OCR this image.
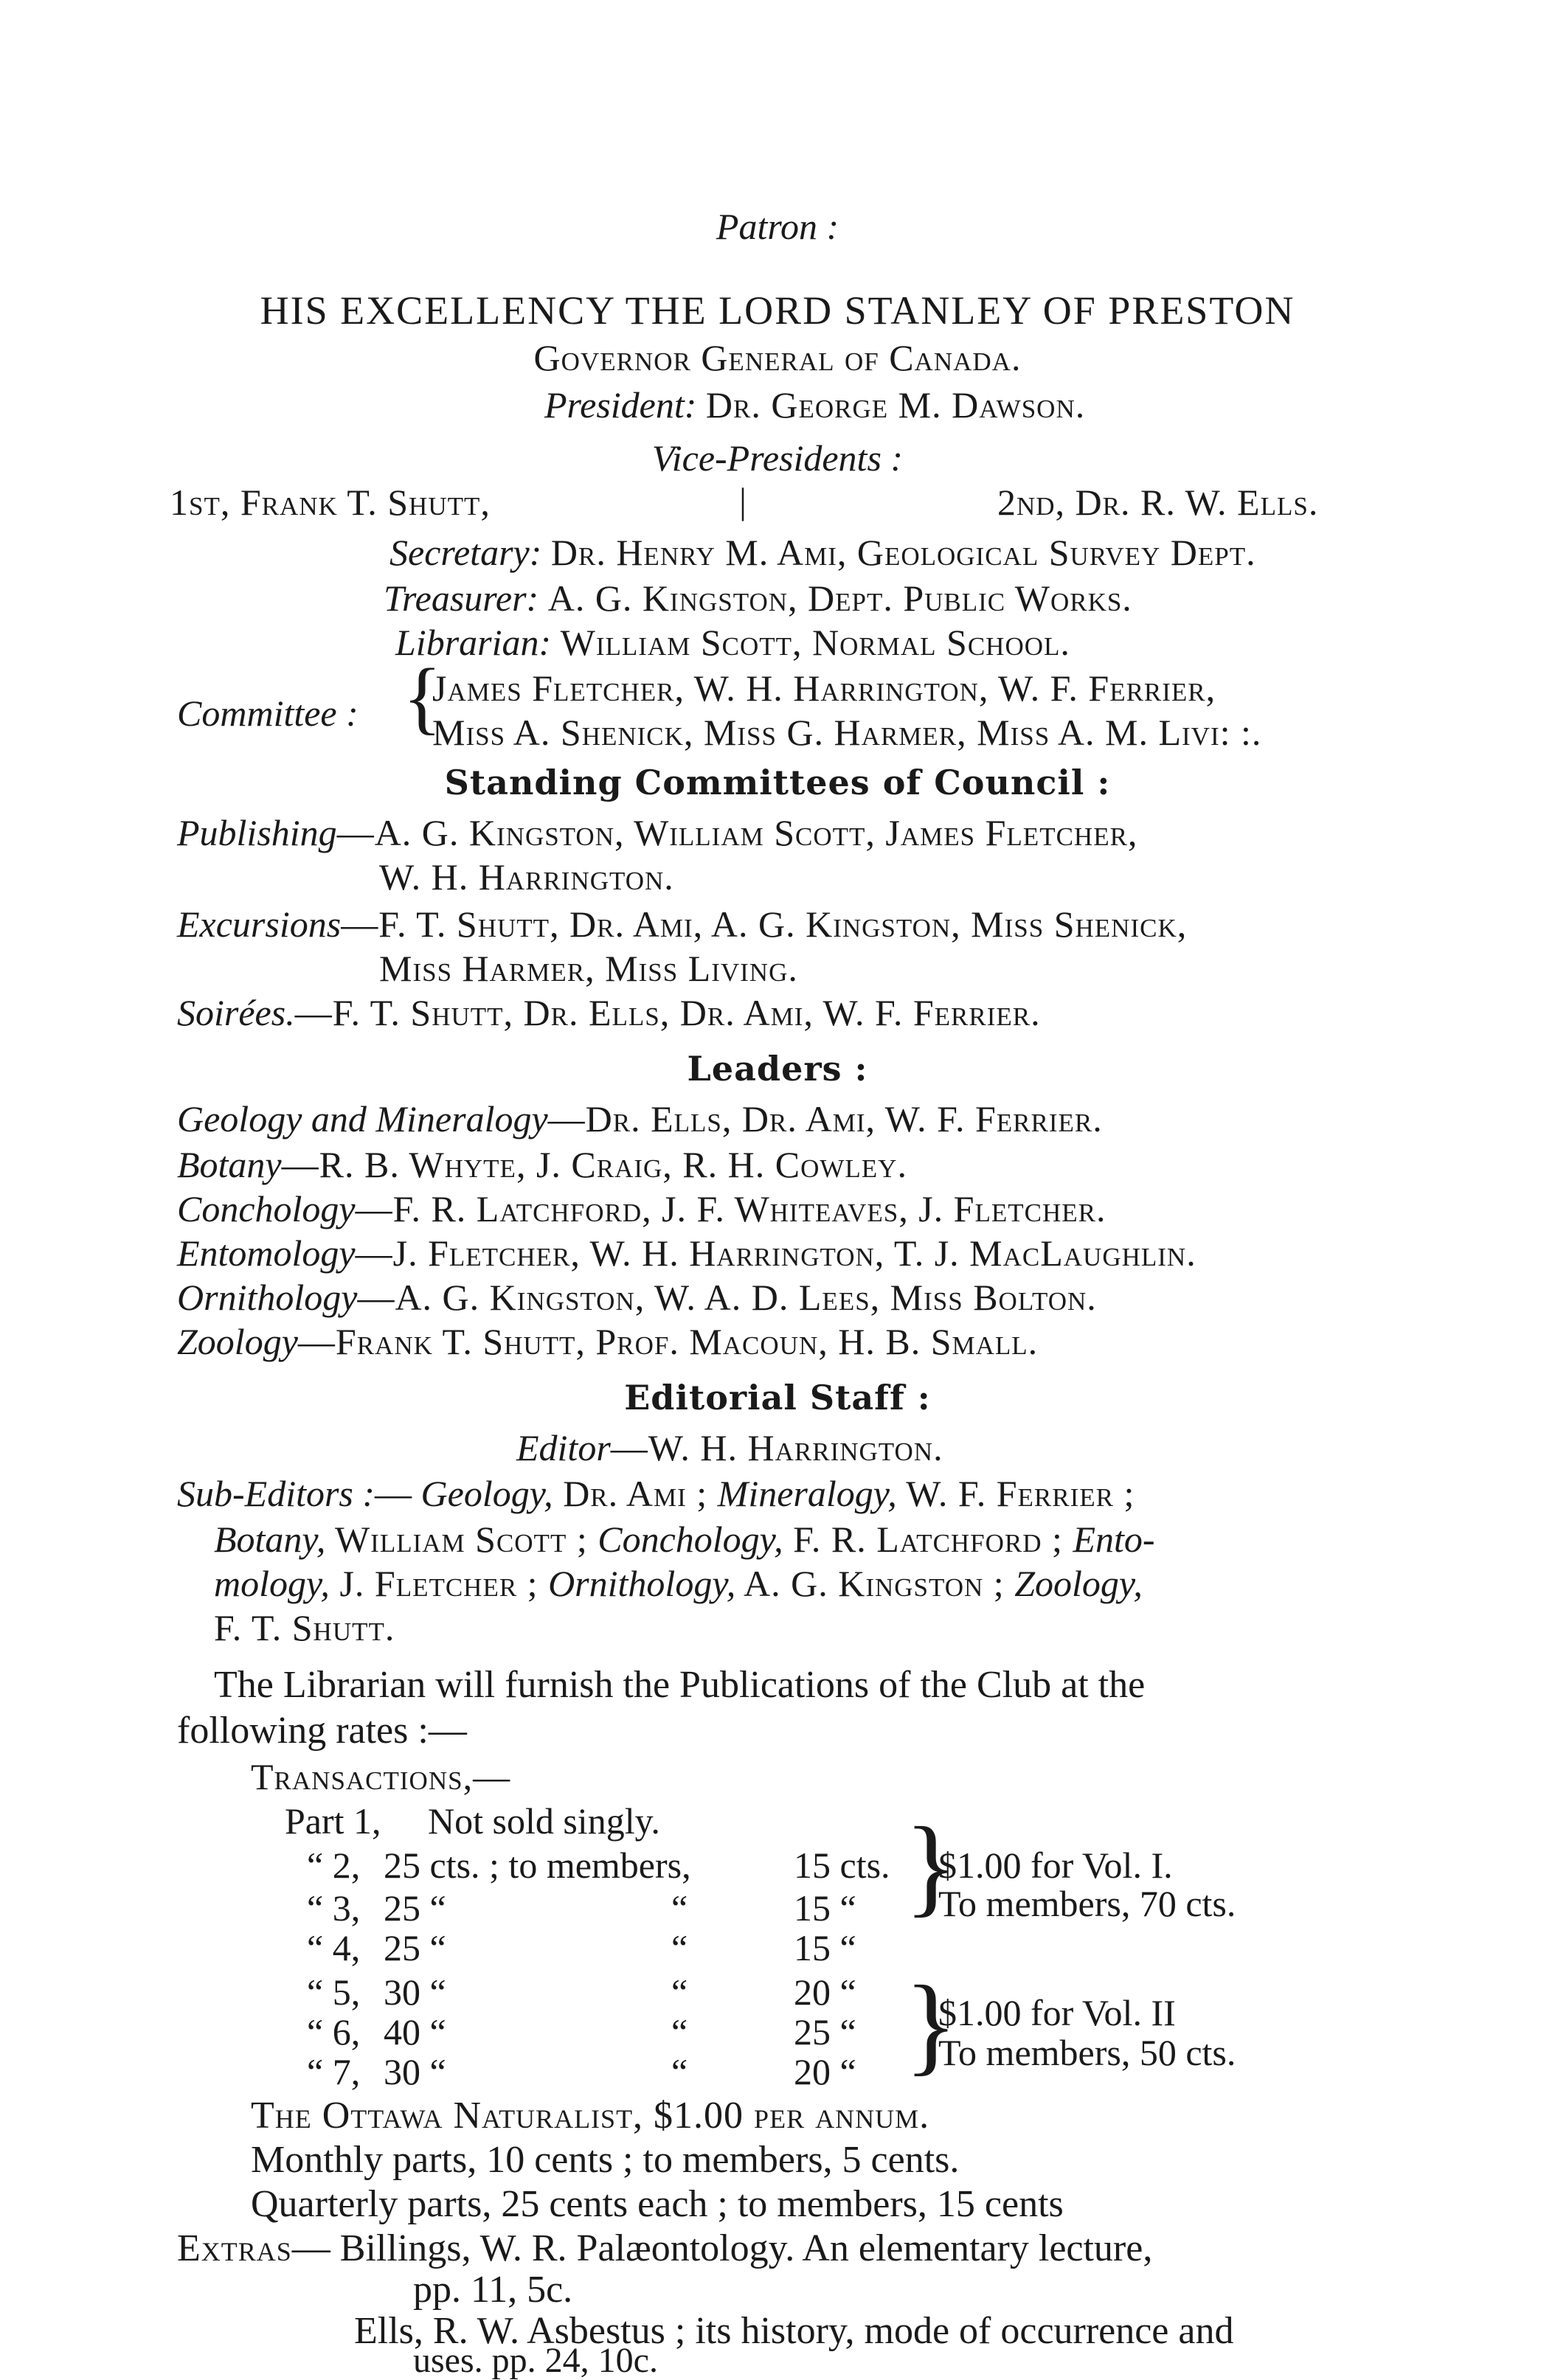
Patron :
HIS EXCELLENCY THE LORD STANLEY OF PRESTON
Governor General of Canada.
President: Dr. George M. Dawson.
Vice-Presidents :
1st, Frank T. Shutt,	|	2nd, Dr. R. W. Ells.
Secretary: Dr. Henry M. Ami, Geological Survey Dept.
Treasurer: A. G. Kingston, Dept. Public Works.
Librarian: William Scott, Normal School.
Committee : {
James Fletcher, W. H. Harrington, W. F. Ferrier,
Miss A. Shenick, Miss G. Harmer, Miss A. M. Livi: :.
Standing Committees of Council :
Publishing—A. G. Kingston, William Scott, James Fletcher,
W. H. Harrington.
Excursions—F. T. Shutt, Dr. Ami, A. G. Kingston, Miss Shenick,
Miss Harmer, Miss Living.
Soirées.—F. T. Shutt, Dr. Ells, Dr. Ami, W. F. Ferrier.
Leaders :
Geology and Mineralogy—Dr. Ells, Dr. Ami, W. F. Ferrier.
Botany—R. B. Whyte, J. Craig, R. H. Cowley.
Conchology—F. R. Latchford, J. F. Whiteaves, J. Fletcher.
Entomology—J. Fletcher, W. H. Harrington, T. J. MacLaughlin.
Ornithology—A. G. Kingston, W. A. D. Lees, Miss Bolton.
Zoology—Frank T. Shutt, Prof. Macoun, H. B. Small.
Editorial Staff :
Editor—W. H. Harrington.
Sub-Editors :— Geology, Dr. Ami ; Mineralogy, W. F. Ferrier ;
Botany, William Scott ; Conchology, F. R. Latchford ; Ento-
mology, J. Fletcher ; Ornithology, A. G. Kingston ; Zoology,
F. T. Shutt.
The Librarian will furnish the Publications of the Club at the
following rates :—
Transactions,—
Part 1, Not sold singly.
“ 2, 25 cts. ; to members,	15 cts.
“ 3, 25 “	“	15 “
“ 4, 25 “	“	15 “
“ 5, 30 “	“	20 “
“ 6, 40 “	“	25 “
“ 7, 30 “	“	20 “
}
$1.00 for Vol. I.
To members, 70 cts.
}
$1.00 for Vol. II
To members, 50 cts.
The Ottawa Naturalist, $1.00 per annum.
Monthly parts, 10 cents ; to members, 5 cents.
Quarterly parts, 25 cents each ; to members, 15 cents
Extras— Billings, W. R. Palæontology. An elementary lecture,
pp. 11, 5c.
Ells, R. W. Asbestus ; its history, mode of occurrence and
uses. pp. 24, 10c.
